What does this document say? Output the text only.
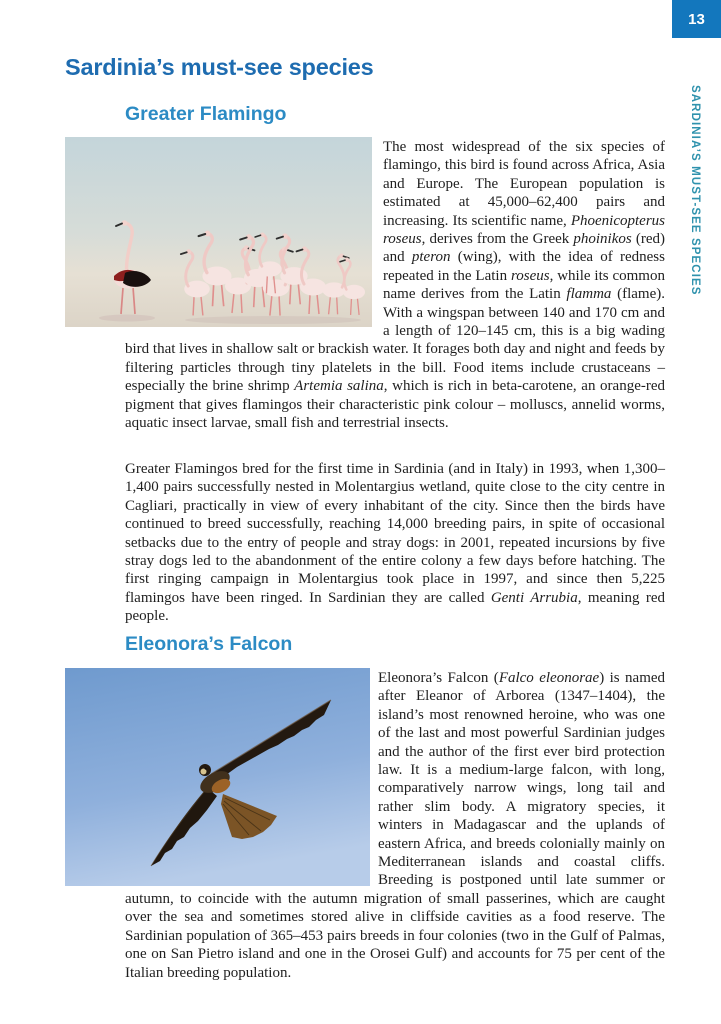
13
SARDINIA’S MUST-SEE SPECIES
Sardinia’s must-see species
Greater Flamingo

The most widespread of the six species of flamingo, this bird is found across Africa, Asia and Europe. The European population is estimated at 45,000–62,400 pairs and increasing. Its scientific name, Phoenicopterus roseus, derives from the Greek phoinikos (red) and pteron (wing), with the idea of redness repeated in the Latin roseus, while its common name derives from the Latin flamma (flame). With a wingspan between 140 and 170 cm and a length of 120–145 cm, this is a big wading bird that lives in shallow salt or brackish water. It forages both day and night and feeds by filtering particles through tiny platelets in the bill. Food items include crustaceans – especially the brine shrimp Artemia salina, which is rich in beta-carotene, an orange-red pigment that gives flamingos their characteristic pink colour – molluscs, annelid worms, aquatic insect larvae, small fish and terrestrial insects.

Greater Flamingos bred for the first time in Sardinia (and in Italy) in 1993, when 1,300–1,400 pairs successfully nested in Molentargius wetland, quite close to the city centre in Cagliari, practically in view of every inhabitant of the city. Since then the birds have continued to breed successfully, reaching 14,000 breeding pairs, in spite of occasional setbacks due to the entry of people and stray dogs: in 2001, repeated incursions by five stray dogs led to the abandonment of the entire colony a few days before hatching. The first ringing campaign in Molentargius took place in 1997, and since then 5,225 flamingos have been ringed. In Sardinian they are called Genti Arrubia, meaning red people.

Eleonora’s Falcon

Eleonora’s Falcon (Falco eleonorae) is named after Eleanor of Arborea (1347–1404), the island’s most renowned heroine, who was one of the last and most powerful Sardinian judges and the author of the first ever bird protection law. It is a medium-large falcon, with long, comparatively narrow wings, long tail and rather slim body. A migratory species, it winters in Madagascar and the uplands of eastern Africa, and breeds colonially mainly on Mediterranean islands and coastal cliffs. Breeding is postponed until late summer or autumn, to coincide with the autumn migration of small passerines, which are caught over the sea and sometimes stored alive in cliffside cavities as a food reserve. The Sardinian population of 365–453 pairs breeds in four colonies (two in the Gulf of Palmas, one on San Pietro island and one in the Orosei Gulf) and accounts for 75 per cent of the Italian breeding population.
